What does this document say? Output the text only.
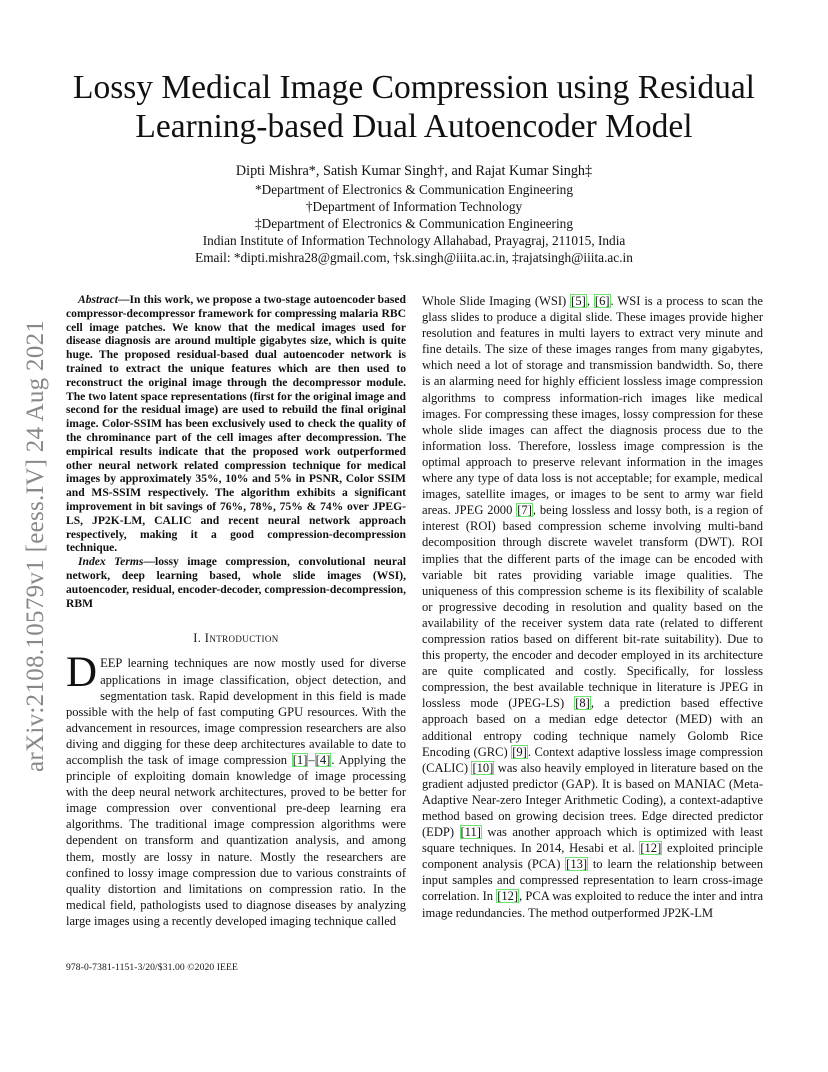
arXiv:2108.10579v1 [eess.IV] 24 Aug 2021
Lossy Medical Image Compression using Residual
Learning-based Dual Autoencoder Model
Dipti Mishra*, Satish Kumar Singh†, and Rajat Kumar Singh‡
*Department of Electronics & Communication Engineering
†Department of Information Technology
‡Department of Electronics & Communication Engineering
Indian Institute of Information Technology Allahabad, Prayagraj, 211015, India
Email: *dipti.mishra28@gmail.com, †sk.singh@iiita.ac.in, ‡rajatsingh@iiita.ac.in

Abstract—In this work, we propose a two-stage autoencoder based compressor-decompressor framework for compressing malaria RBC cell image patches. We know that the medical images used for disease diagnosis are around multiple gigabytes size, which is quite huge. The proposed residual-based dual autoencoder network is trained to extract the unique features which are then used to reconstruct the original image through the decompressor module. The two latent space representations (first for the original image and second for the residual image) are used to rebuild the final original image. Color-SSIM has been exclusively used to check the quality of the chrominance part of the cell images after decompression. The empirical results indicate that the proposed work outperformed other neural network related compression technique for medical images by approximately 35%, 10% and 5% in PSNR, Color SSIM and MS-SSIM respectively. The algorithm exhibits a significant improvement in bit savings of 76%, 78%, 75% & 74% over JPEG-LS, JP2K-LM, CALIC and recent neural network approach respectively, making it a good compression-decompression technique.

Index Terms—lossy image compression, convolutional neural network, deep learning based, whole slide images (WSI), autoencoder, residual, encoder-decoder, compression-decompression, RBM

I. Introduction

DEEP learning techniques are now mostly used for diverse applications in image classification, object detection, and segmentation task. Rapid development in this field is made possible with the help of fast computing GPU resources. With the advancement in resources, image compression researchers are also diving and digging for these deep architectures available to date to accomplish the task of image compression [1]–[4]. Applying the principle of exploiting domain knowledge of image processing with the deep neural network architectures, proved to be better for image compression over conventional pre-deep learning era algorithms. The traditional image compression algorithms were dependent on transform and quantization analysis, and among them, mostly are lossy in nature. Mostly the researchers are confined to lossy image compression due to various constraints of quality distortion and limitations on compression ratio. In the medical field, pathologists used to diagnose diseases by analyzing large images using a recently developed imaging technique called

Whole Slide Imaging (WSI) [5], [6]. WSI is a process to scan the glass slides to produce a digital slide. These images provide higher resolution and features in multi layers to extract very minute and fine details. The size of these images ranges from many gigabytes, which need a lot of storage and transmission bandwidth. So, there is an alarming need for highly efficient lossless image compression algorithms to compress information-rich images like medical images. For compressing these images, lossy compression for these whole slide images can affect the diagnosis process due to the information loss. Therefore, lossless image compression is the optimal approach to preserve relevant information in the images where any type of data loss is not acceptable; for example, medical images, satellite images, or images to be sent to army war field areas. JPEG 2000 [7], being lossless and lossy both, is a region of interest (ROI) based compression scheme involving multi-band decomposition through discrete wavelet transform (DWT). ROI implies that the different parts of the image can be encoded with variable bit rates providing variable image qualities. The uniqueness of this compression scheme is its flexibility of scalable or progressive decoding in resolution and quality based on the availability of the receiver system data rate (related to different compression ratios based on different bit-rate suitability). Due to this property, the encoder and decoder employed in its architecture are quite complicated and costly. Specifically, for lossless compression, the best available technique in literature is JPEG in lossless mode (JPEG-LS) [8], a prediction based effective approach based on a median edge detector (MED) with an additional entropy coding technique namely Golomb Rice Encoding (GRC) [9]. Context adaptive lossless image compression (CALIC) [10] was also heavily employed in literature based on the gradient adjusted predictor (GAP). It is based on MANIAC (Meta-Adaptive Near-zero Integer Arithmetic Coding), a context-adaptive method based on growing decision trees. Edge directed predictor (EDP) [11] was another approach which is optimized with least square techniques. In 2014, Hesabi et al. [12] exploited principle component analysis (PCA) [13] to learn the relationship between input samples and compressed representation to learn cross-image correlation. In [12], PCA was exploited to reduce the inter and intra image redundancies. The method outperformed JP2K-LM

978-0-7381-1151-3/20/$31.00 ©2020 IEEE
